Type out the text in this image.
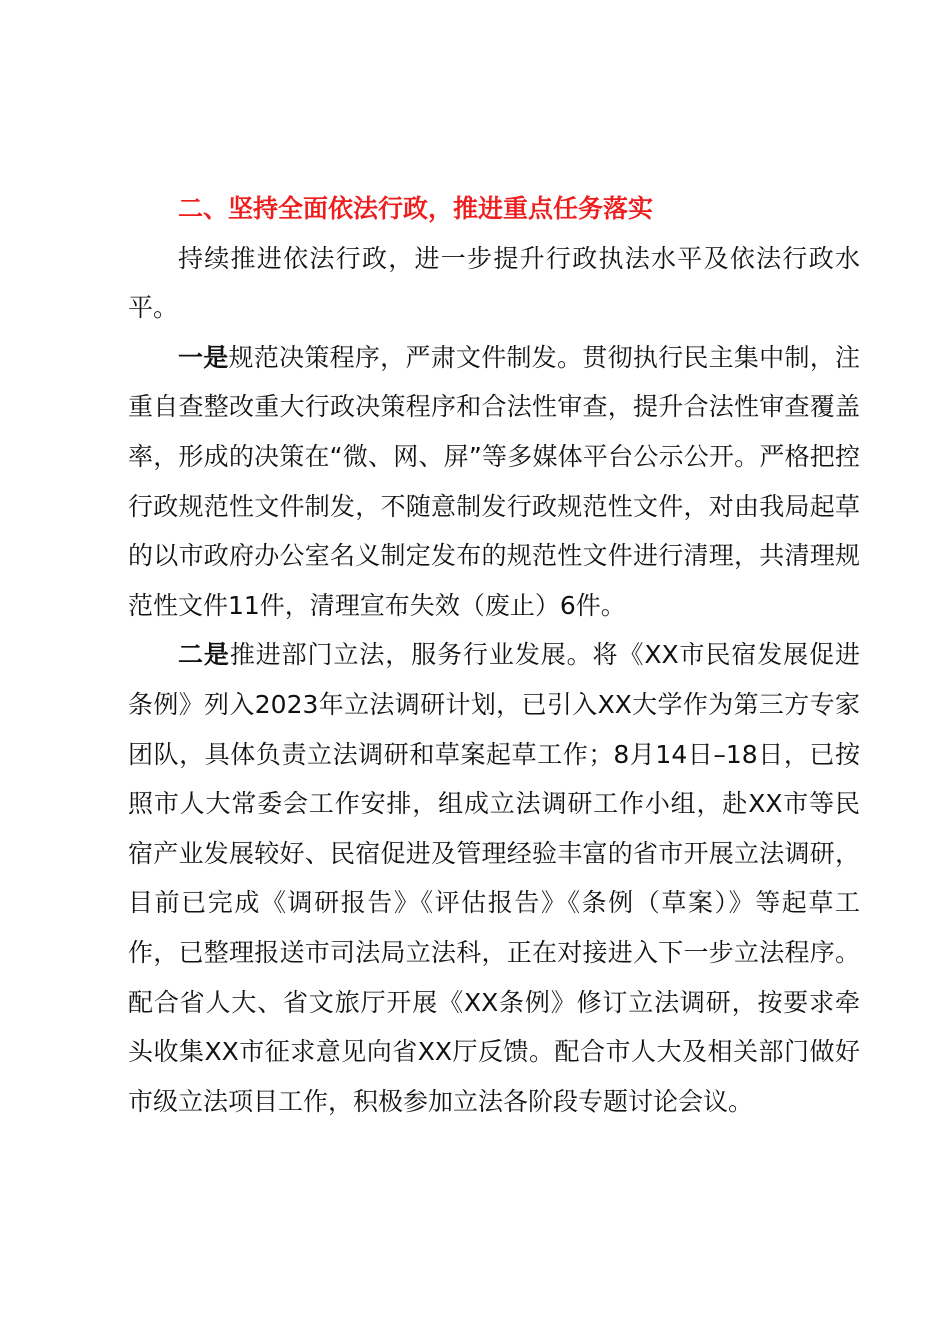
二、坚持全面依法行政，推进重点任务落实

持续推进依法行政，进一步提升行政执法水平及依法行政水平。

一是规范决策程序，严肃文件制发。贯彻执行民主集中制，注重自查整改重大行政决策程序和合法性审查，提升合法性审查覆盖率，形成的决策在“微、网、屏”等多媒体平台公示公开。严格把控行政规范性文件制发，不随意制发行政规范性文件，对由我局起草的以市政府办公室名义制定发布的规范性文件进行清理，共清理规范性文件11件，清理宣布失效（废止）6件。

二是推进部门立法，服务行业发展。将《XX市民宿发展促进条例》列入2023年立法调研计划，已引入XX大学作为第三方专家团队，具体负责立法调研和草案起草工作；8月14日–18日，已按照市人大常委会工作安排，组成立法调研工作小组，赴XX市等民宿产业发展较好、民宿促进及管理经验丰富的省市开展立法调研，目前已完成《调研报告》《评估报告》《条例（草案）》等起草工作，已整理报送市司法局立法科，正在对接进入下一步立法程序。配合省人大、省文旅厅开展《XX条例》修订立法调研，按要求牵头收集XX市征求意见向省XX厅反馈。配合市人大及相关部门做好市级立法项目工作，积极参加立法各阶段专题讨论会议。
